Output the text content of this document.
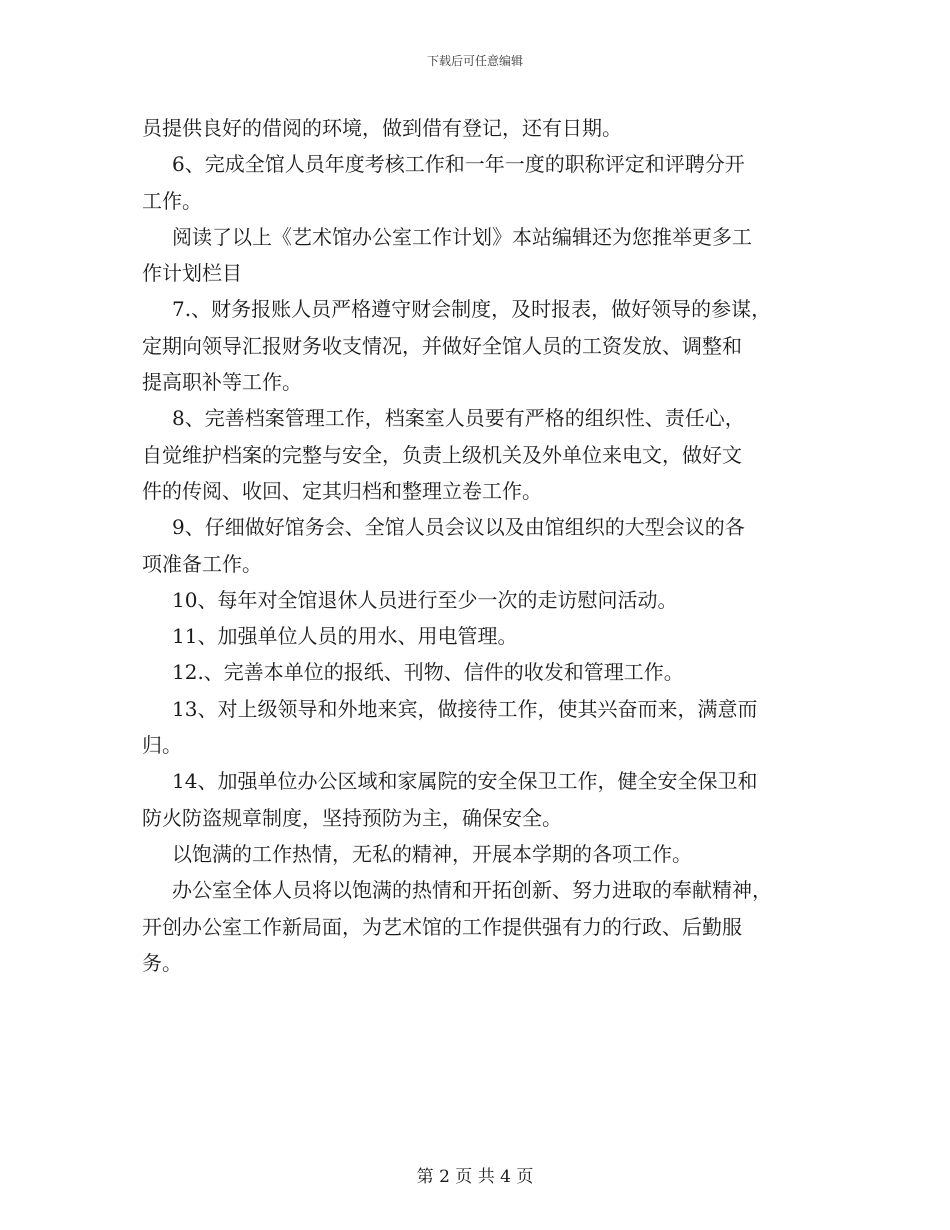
下载后可任意编辑
员提供良好的借阅的环境，做到借有登记，还有日期。
6、完成全馆人员年度考核工作和一年一度的职称评定和评聘分开
工作。
阅读了以上《艺术馆办公室工作计划》本站编辑还为您推举更多工
作计划栏目
7.、财务报账人员严格遵守财会制度，及时报表，做好领导的参谋，
定期向领导汇报财务收支情况，并做好全馆人员的工资发放、调整和
提高职补等工作。
8、完善档案管理工作，档案室人员要有严格的组织性、责任心，
自觉维护档案的完整与安全，负责上级机关及外单位来电文，做好文
件的传阅、收回、定其归档和整理立卷工作。
9、仔细做好馆务会、全馆人员会议以及由馆组织的大型会议的各
项准备工作。
10、每年对全馆退休人员进行至少一次的走访慰问活动。
11、加强单位人员的用水、用电管理。
12.、完善本单位的报纸、刊物、信件的收发和管理工作。
13、对上级领导和外地来宾，做接待工作，使其兴奋而来，满意而
归。
14、加强单位办公区域和家属院的安全保卫工作，健全安全保卫和
防火防盗规章制度，坚持预防为主，确保安全。
以饱满的工作热情，无私的精神，开展本学期的各项工作。
办公室全体人员将以饱满的热情和开拓创新、努力进取的奉献精神，
开创办公室工作新局面，为艺术馆的工作提供强有力的行政、后勤服
务。
第 2 页 共 4 页
